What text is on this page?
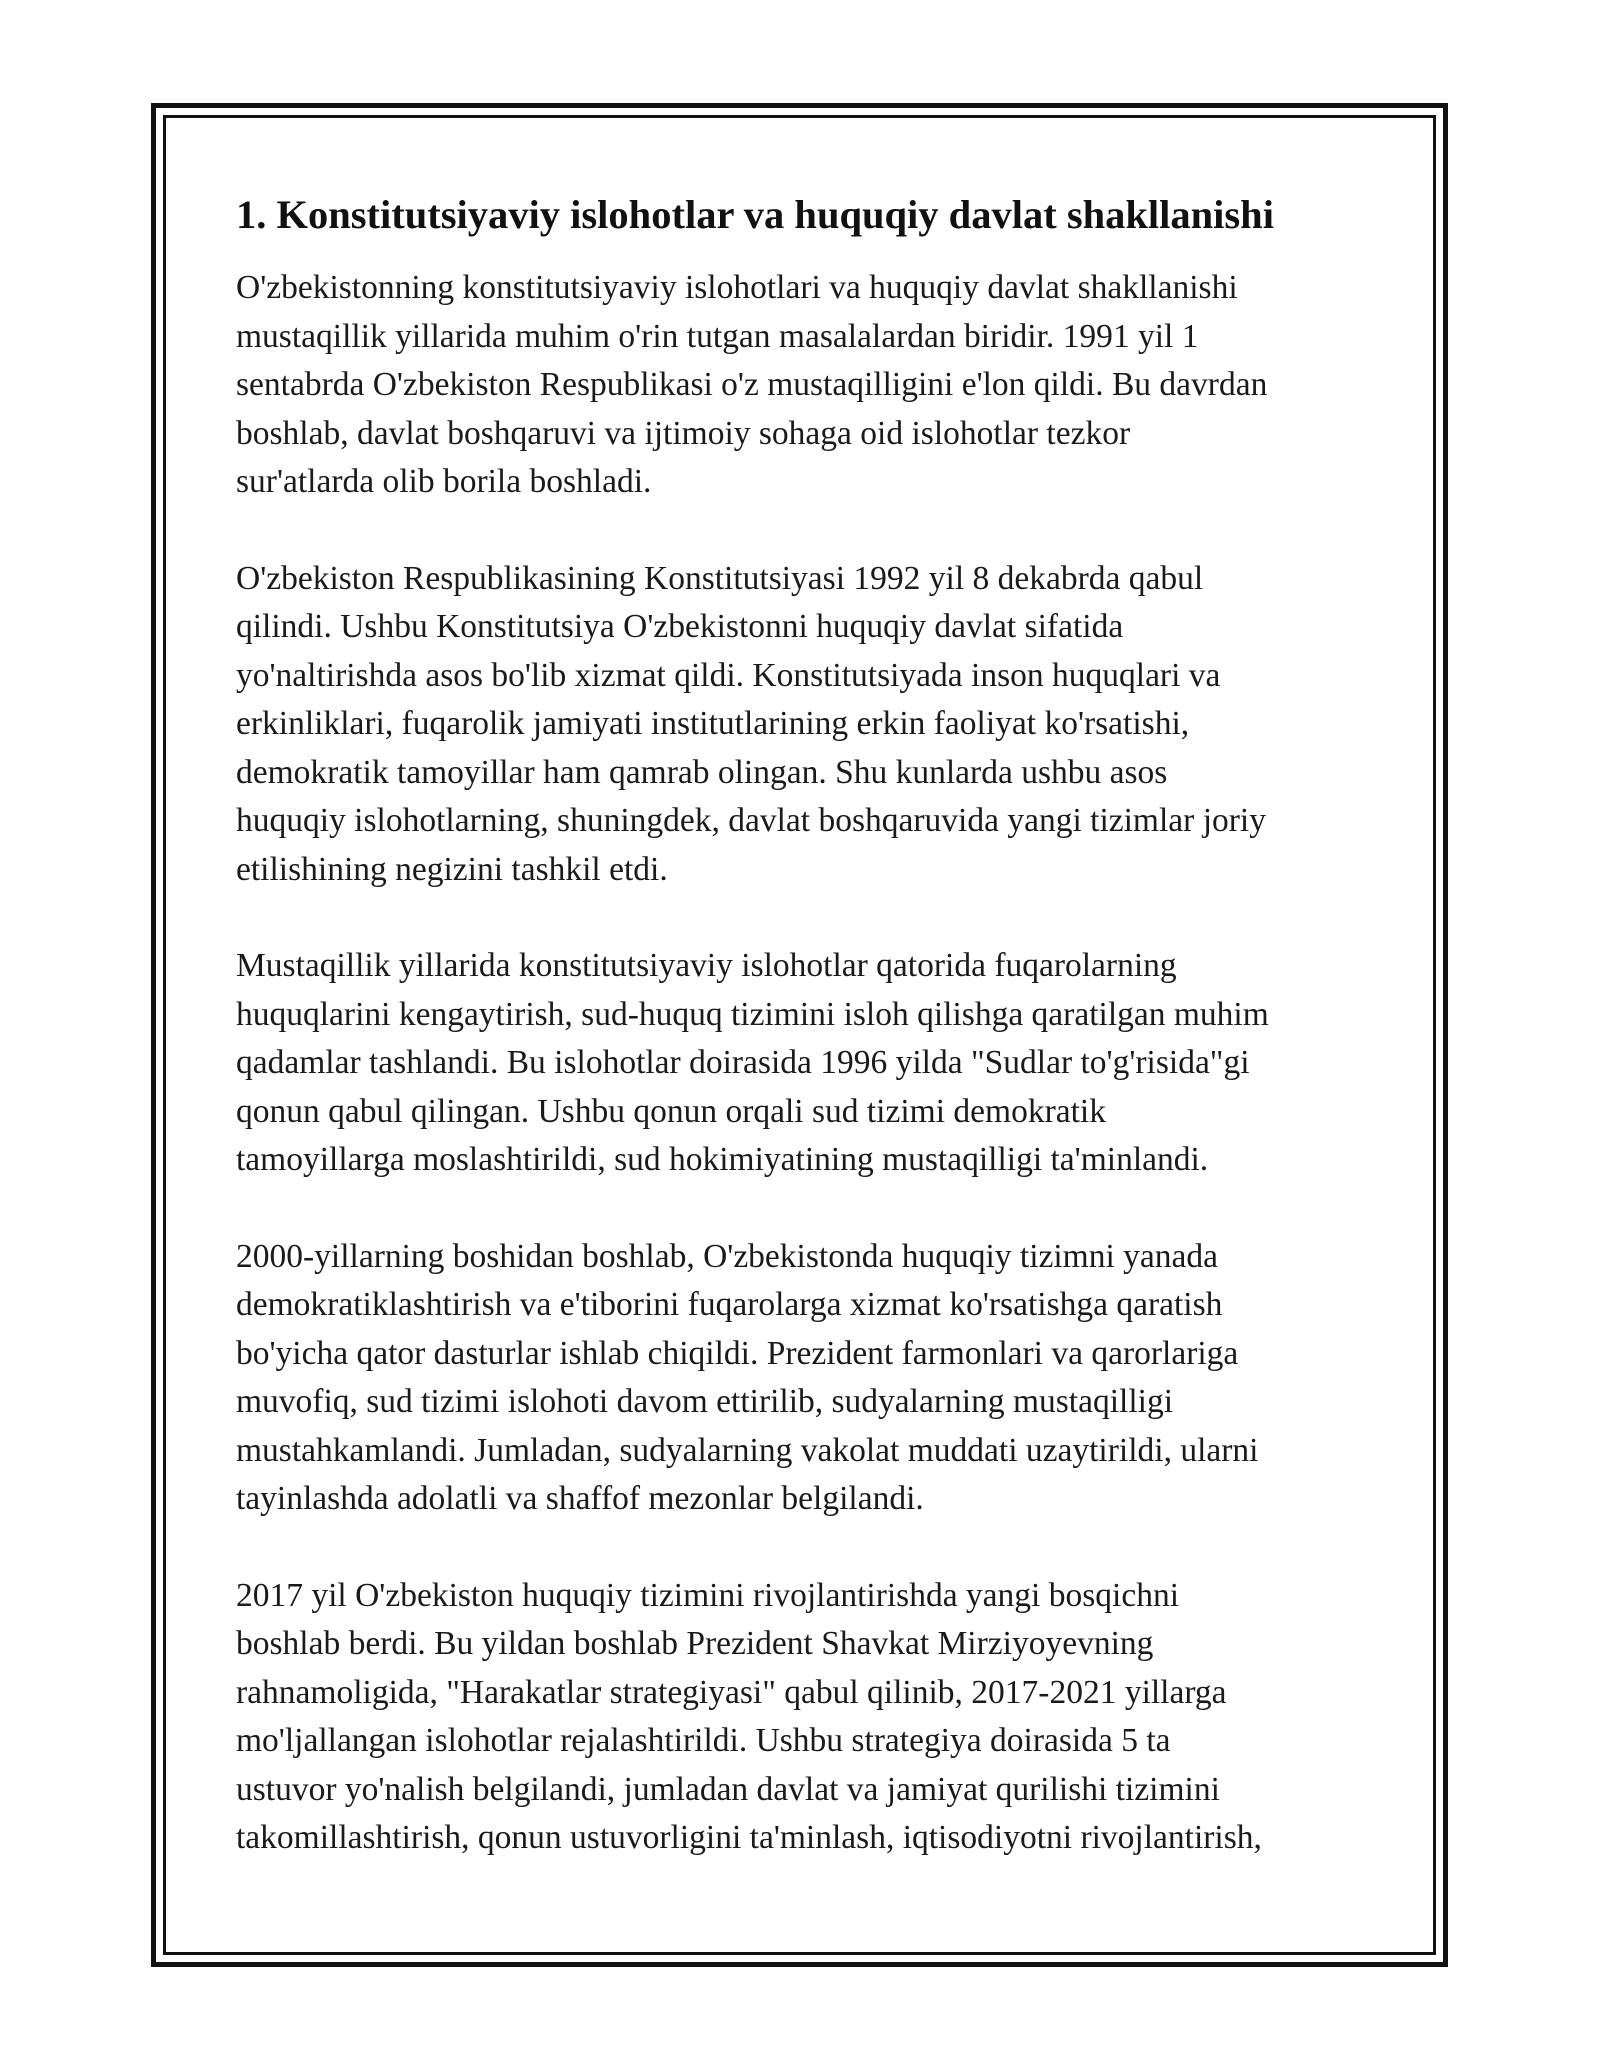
1. Konstitutsiyaviy islohotlar va huquqiy davlat shakllanishi
O'zbekistonning konstitutsiyaviy islohotlari va huquqiy davlat shakllanishi
mustaqillik yillarida muhim o'rin tutgan masalalardan biridir. 1991 yil 1
sentabrda O'zbekiston Respublikasi o'z mustaqilligini e'lon qildi. Bu davrdan
boshlab, davlat boshqaruvi va ijtimoiy sohaga oid islohotlar tezkor
sur'atlarda olib borila boshladi.
O'zbekiston Respublikasining Konstitutsiyasi 1992 yil 8 dekabrda qabul
qilindi. Ushbu Konstitutsiya O'zbekistonni huquqiy davlat sifatida
yo'naltirishda asos bo'lib xizmat qildi. Konstitutsiyada inson huquqlari va
erkinliklari, fuqarolik jamiyati institutlarining erkin faoliyat ko'rsatishi,
demokratik tamoyillar ham qamrab olingan. Shu kunlarda ushbu asos
huquqiy islohotlarning, shuningdek, davlat boshqaruvida yangi tizimlar joriy
etilishining negizini tashkil etdi.
Mustaqillik yillarida konstitutsiyaviy islohotlar qatorida fuqarolarning
huquqlarini kengaytirish, sud-huquq tizimini isloh qilishga qaratilgan muhim
qadamlar tashlandi. Bu islohotlar doirasida 1996 yilda "Sudlar to'g'risida"gi
qonun qabul qilingan. Ushbu qonun orqali sud tizimi demokratik
tamoyillarga moslashtirildi, sud hokimiyatining mustaqilligi ta'minlandi.
2000-yillarning boshidan boshlab, O'zbekistonda huquqiy tizimni yanada
demokratiklashtirish va e'tiborini fuqarolarga xizmat ko'rsatishga qaratish
bo'yicha qator dasturlar ishlab chiqildi. Prezident farmonlari va qarorlariga
muvofiq, sud tizimi islohoti davom ettirilib, sudyalarning mustaqilligi
mustahkamlandi. Jumladan, sudyalarning vakolat muddati uzaytirildi, ularni
tayinlashda adolatli va shaffof mezonlar belgilandi.
2017 yil O'zbekiston huquqiy tizimini rivojlantirishda yangi bosqichni
boshlab berdi. Bu yildan boshlab Prezident Shavkat Mirziyoyevning
rahnamoligida, "Harakatlar strategiyasi" qabul qilinib, 2017-2021 yillarga
mo'ljallangan islohotlar rejalashtirildi. Ushbu strategiya doirasida 5 ta
ustuvor yo'nalish belgilandi, jumladan davlat va jamiyat qurilishi tizimini
takomillashtirish, qonun ustuvorligini ta'minlash, iqtisodiyotni rivojlantirish,
